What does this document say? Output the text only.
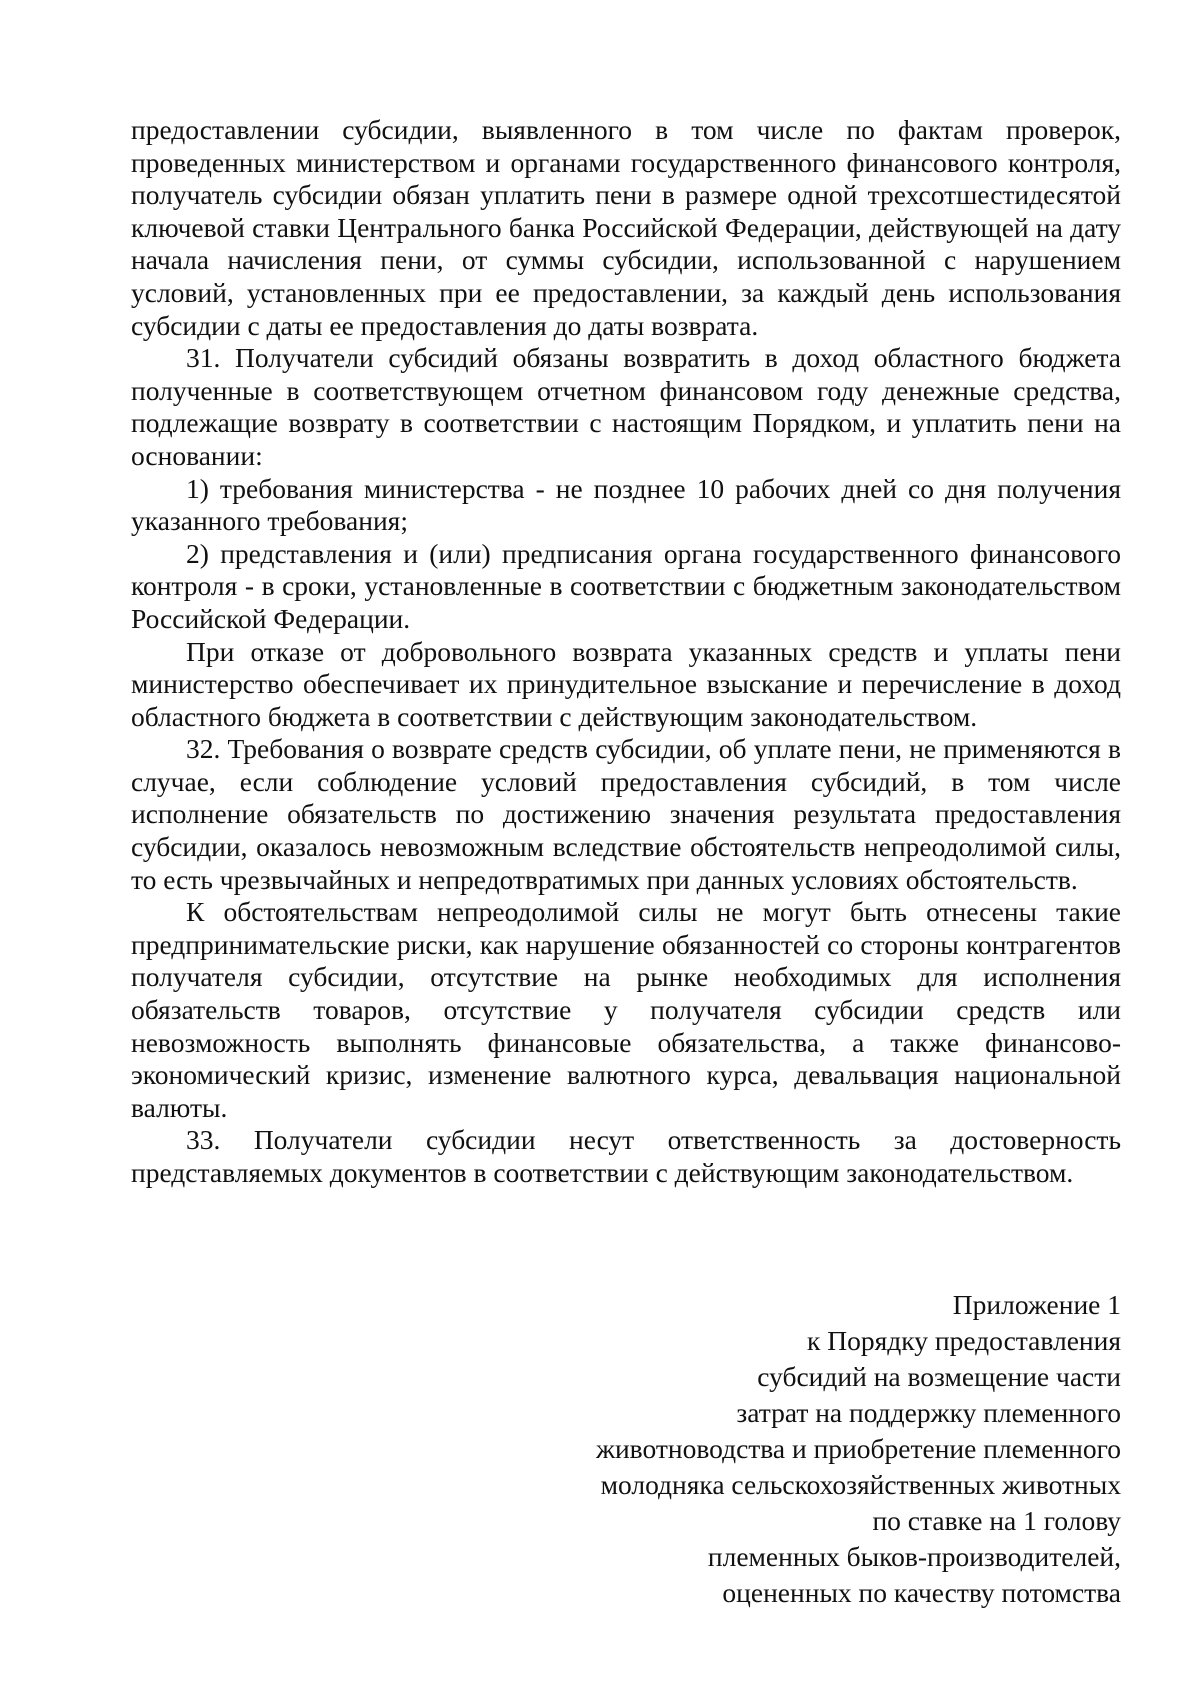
предоставлении субсидии, выявленного в том числе по фактам проверок, проведенных министерством и органами государственного финансового контроля, получатель субсидии обязан уплатить пени в размере одной трехсотшестидесятой ключевой ставки Центрального банка Российской Федерации, действующей на дату начала начисления пени, от суммы субсидии, использованной с нарушением условий, установленных при ее предоставлении, за каждый день использования субсидии с даты ее предоставления до даты возврата.

31. Получатели субсидий обязаны возвратить в доход областного бюджета полученные в соответствующем отчетном финансовом году денежные средства, подлежащие возврату в соответствии с настоящим Порядком, и уплатить пени на основании:

1) требования министерства - не позднее 10 рабочих дней со дня получения указанного требования;

2) представления и (или) предписания органа государственного финансового контроля - в сроки, установленные в соответствии с бюджетным законодательством Российской Федерации.

При отказе от добровольного возврата указанных средств и уплаты пени министерство обеспечивает их принудительное взыскание и перечисление в доход областного бюджета в соответствии с действующим законодательством.

32. Требования о возврате средств субсидии, об уплате пени, не применяются в случае, если соблюдение условий предоставления субсидий, в том числе исполнение обязательств по достижению значения результата предоставления субсидии, оказалось невозможным вследствие обстоятельств непреодолимой силы, то есть чрезвычайных и непредотвратимых при данных условиях обстоятельств.

К обстоятельствам непреодолимой силы не могут быть отнесены такие предпринимательские риски, как нарушение обязанностей со стороны контрагентов получателя субсидии, отсутствие на рынке необходимых для исполнения обязательств товаров, отсутствие у получателя субсидии средств или невозможность выполнять финансовые обязательства, а также финансово-экономический кризис, изменение валютного курса, девальвация национальной валюты.

33. Получатели субсидии несут ответственность за достоверность представляемых документов в соответствии с действующим законодательством.

Приложение 1
к Порядку предоставления
субсидий на возмещение части
затрат на поддержку племенного
животноводства и приобретение племенного
молодняка сельскохозяйственных животных
по ставке на 1 голову
племенных быков-производителей,
оцененных по качеству потомства
